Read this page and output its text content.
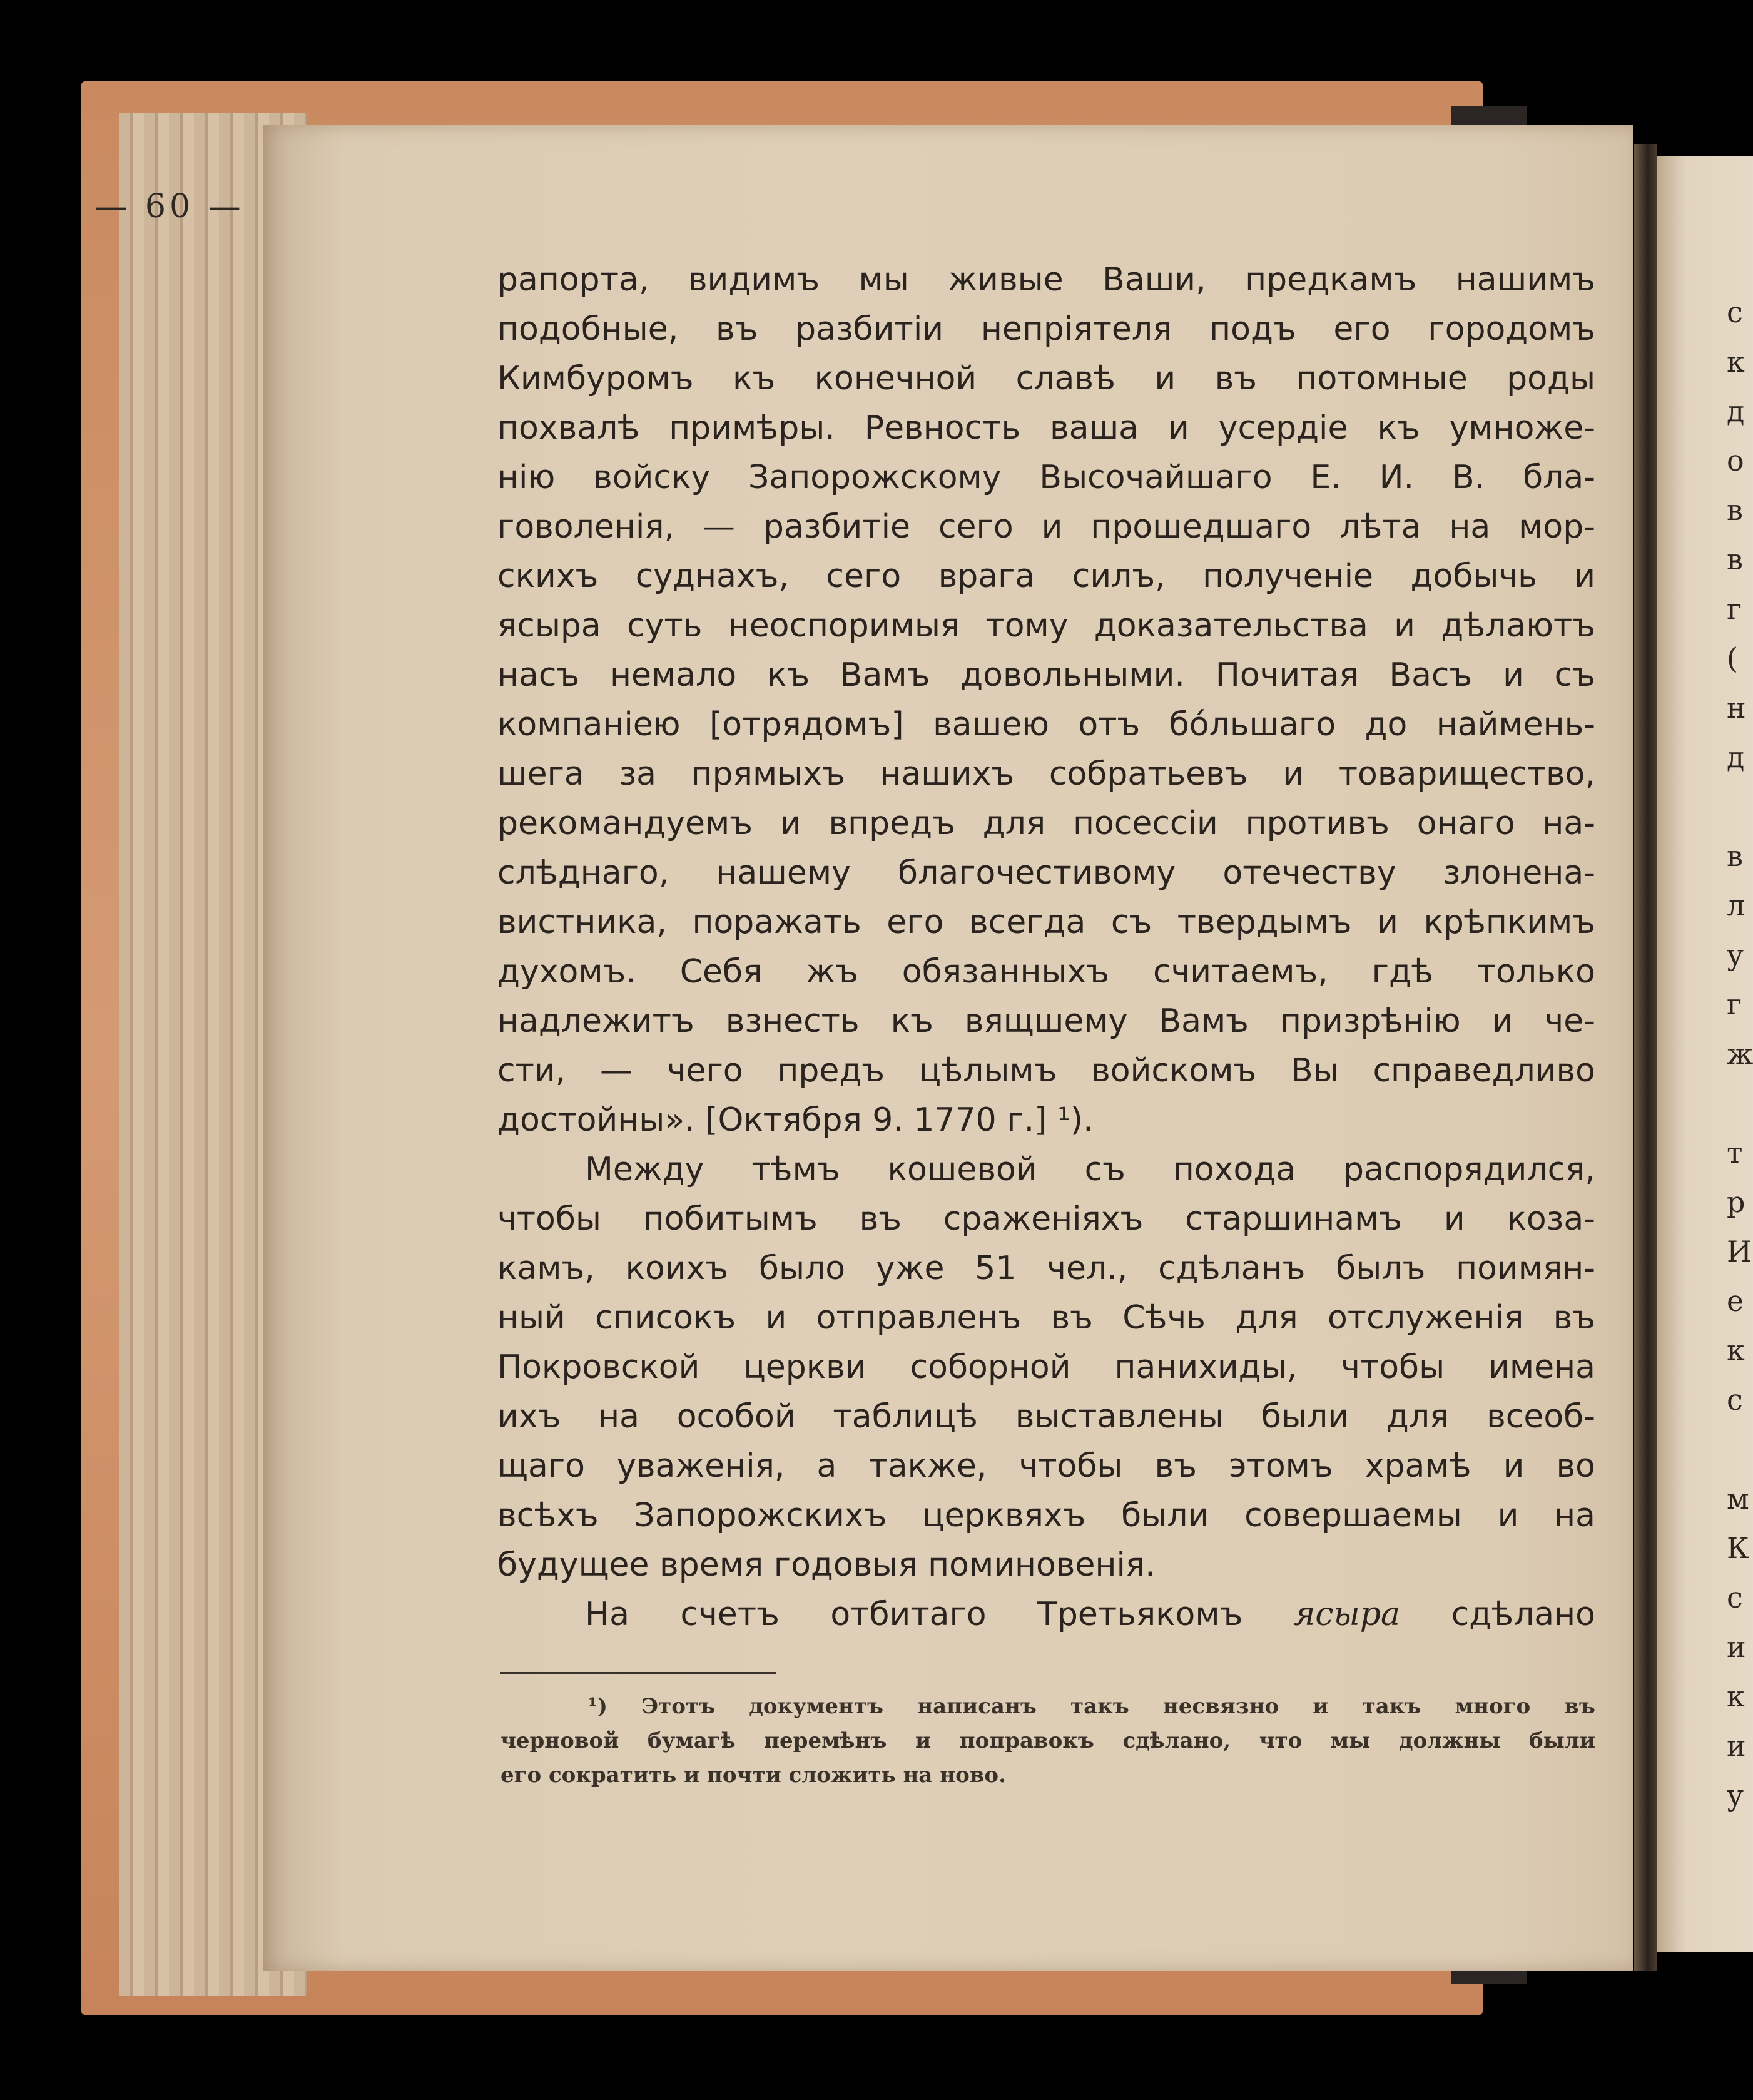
— 60 —

рапорта, видимъ мы живые Ваши, предкамъ нашимъ

подобные, въ разбитіи непріятеля подъ его городомъ

Кимбуромъ къ конечной славѣ и въ потомные роды

похвалѣ примѣры. Ревность ваша и усердіе къ умноже-

нію войску Запорожскому Высочайшаго Е. И. В. бла-

говоленія, — разбитіе сего и прошедшаго лѣта на мор-

скихъ суднахъ, сего врага силъ, полученіе добычь и

ясыра суть неоспоримыя тому доказательства и дѣлаютъ

насъ немало къ Вамъ довольными. Почитая Васъ и съ

компаніею [отрядомъ] вашею отъ бóльшаго до наймень-

шега за прямыхъ нашихъ собратьевъ и товарищество,

рекомандуемъ и впредъ для посессіи противъ онаго на-

слѣднаго, нашему благочестивому отечеству злонена-

вистника, поражать его всегда съ твердымъ и крѣпкимъ

духомъ. Себя жъ обязанныхъ считаемъ, гдѣ только

надлежитъ взнесть къ вящшему Вамъ призрѣнію и че-

сти, — чего предъ цѣлымъ войскомъ Вы справедливо

достойны». [Октября 9. 1770 г.] ¹).

Между тѣмъ кошевой съ похода распорядился,

чтобы побитымъ въ сраженіяхъ старшинамъ и коза-

камъ, коихъ было уже 51 чел., сдѣланъ былъ поимян-

ный списокъ и отправленъ въ Сѣчь для отслуженія въ

Покровской церкви соборной панихиды, чтобы имена

ихъ на особой таблицѣ выставлены были для всеоб-

щаго уваженія, а также, чтобы въ этомъ храмѣ и во

всѣхъ Запорожскихъ церквяхъ были совершаемы и на

будущее время годовыя поминовенія.

На счетъ отбитаго Третьякомъ ясыра сдѣлано

¹) Этотъ документъ написанъ такъ несвязно и такъ много въ

черновой бумагѣ перемѣнъ и поправокъ сдѣлано, что мы должны были

его сократить и почти сложить на ново.

с
к
д
о
в
в
г
(
н
д
в
л
у
г
ж
т
р
И
е
к
с
м
К
с
и
к
и
у
